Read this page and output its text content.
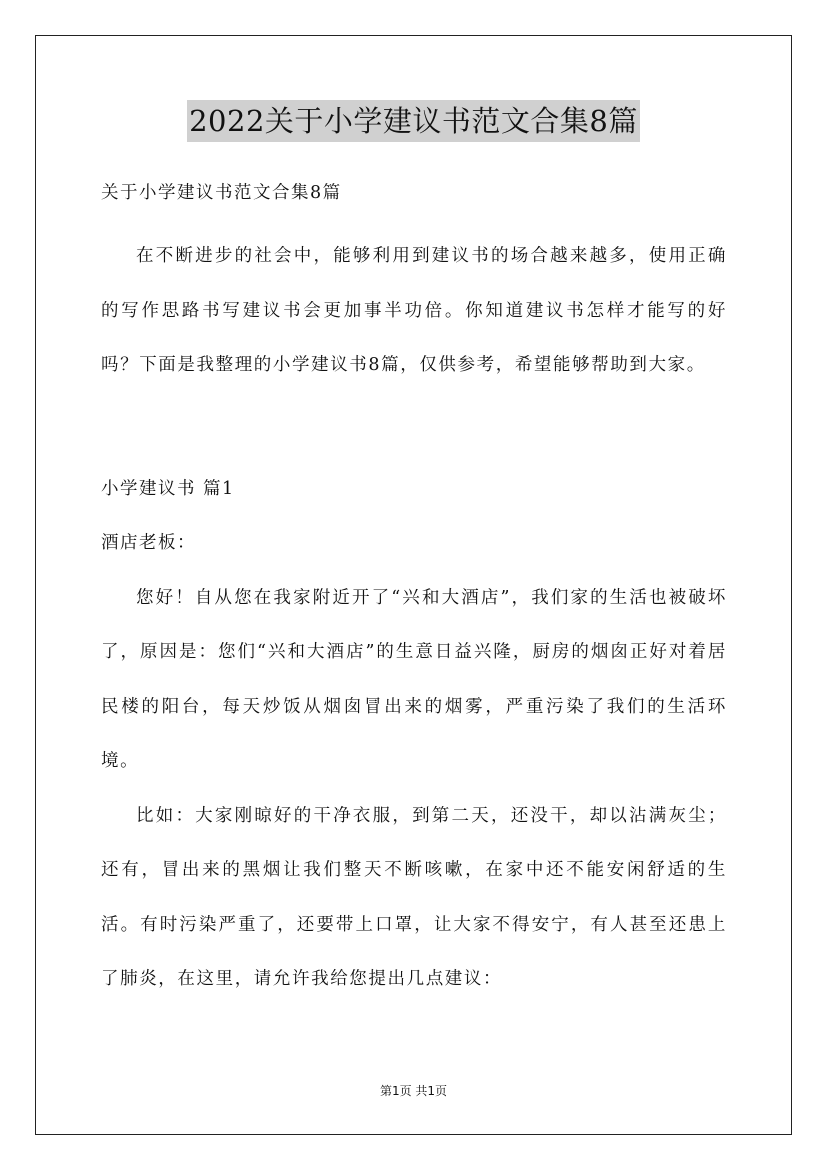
2022关于小学建议书范文合集8篇

关于小学建议书范文合集8篇

在不断进步的社会中，能够利用到建议书的场合越来越多，使用正确的写作思路书写建议书会更加事半功倍。你知道建议书怎样才能写的好吗？下面是我整理的小学建议书8篇，仅供参考，希望能够帮助到大家。

小学建议书 篇1

酒店老板：

您好！自从您在我家附近开了“兴和大酒店”，我们家的生活也被破坏了，原因是：您们“兴和大酒店”的生意日益兴隆，厨房的烟囱正好对着居民楼的阳台，每天炒饭从烟囱冒出来的烟雾，严重污染了我们的生活环境。

比如：大家刚晾好的干净衣服，到第二天，还没干，却以沾满灰尘；还有，冒出来的黑烟让我们整天不断咳嗽，在家中还不能安闲舒适的生活。有时污染严重了，还要带上口罩，让大家不得安宁，有人甚至还患上了肺炎，在这里，请允许我给您提出几点建议：

第1页 共1页
